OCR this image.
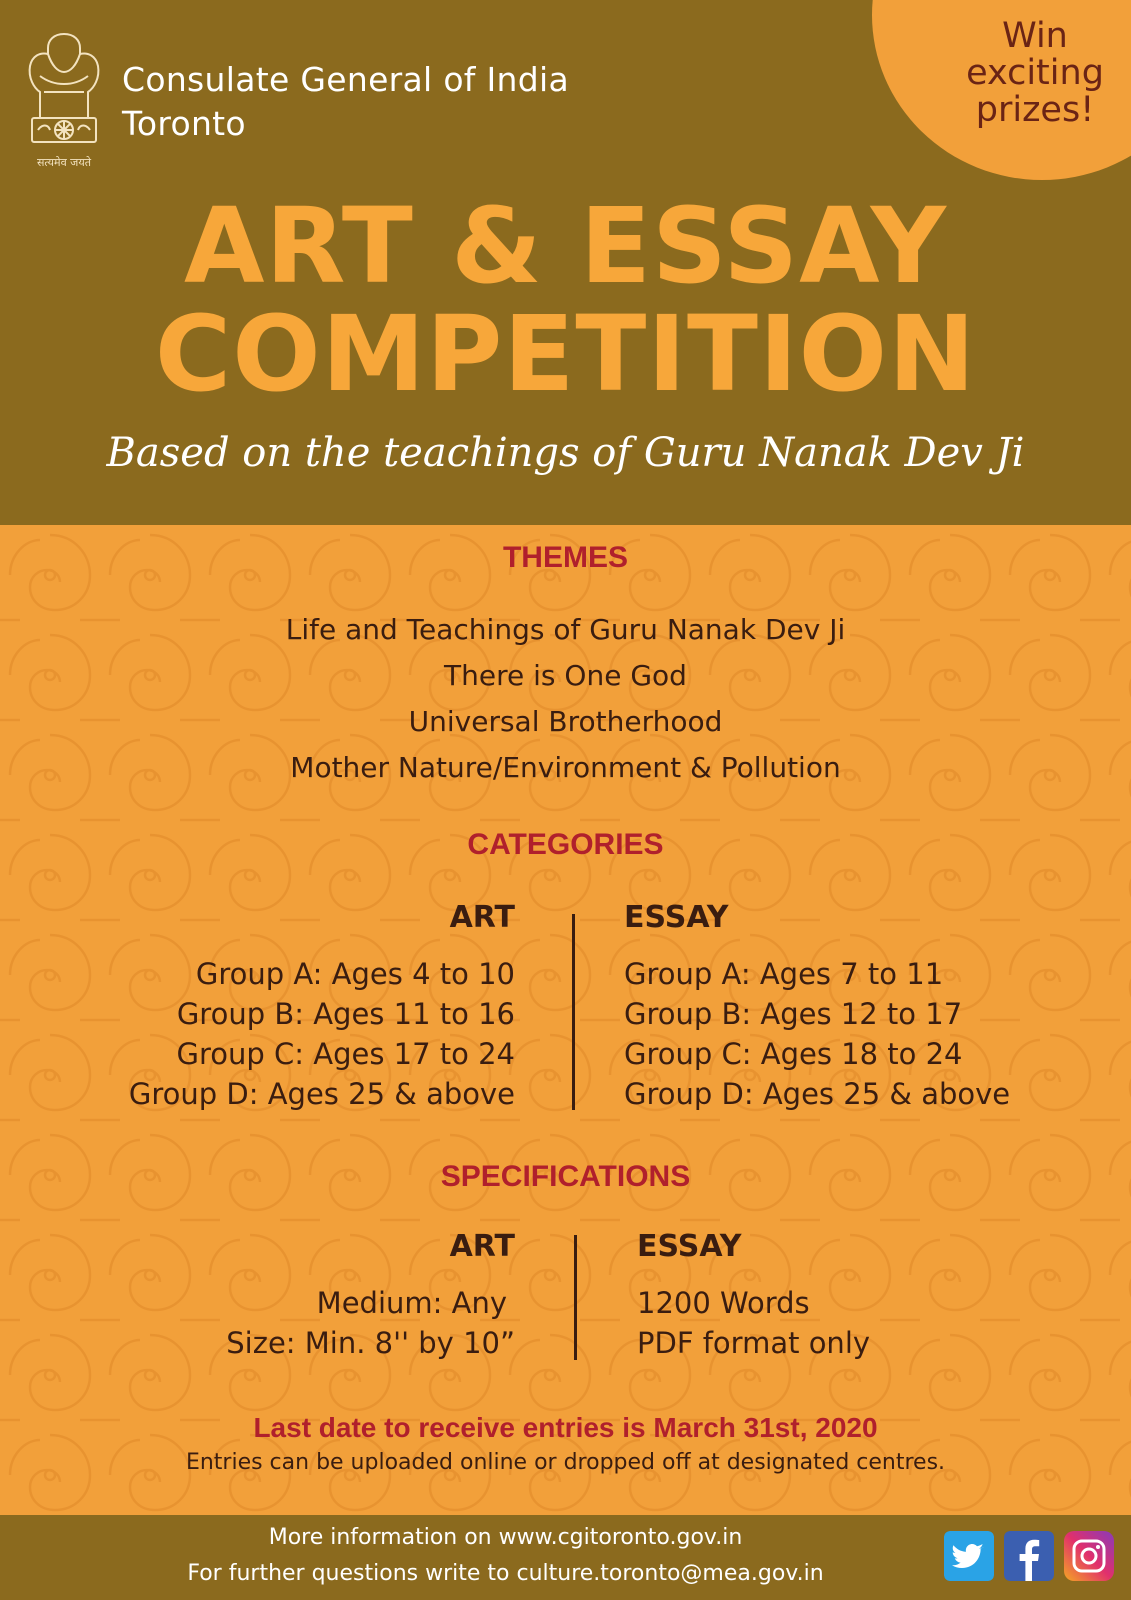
सत्यमेव जयते
Consulate General of India
Toronto
ART & ESSAY
COMPETITION
Based on the teachings of Guru Nanak Dev Ji
Win
exciting
prizes!
THEMES
Life and Teachings of Guru Nanak Dev Ji
There is One God
Universal Brotherhood
Mother Nature/Environment & Pollution
CATEGORIES
ART
Group A: Ages 4 to 10
Group B: Ages 11 to 16
Group C: Ages 17 to 24
Group D: Ages 25 & above
ESSAY
Group A: Ages 7 to 11
Group B: Ages 12 to 17
Group C: Ages 18 to 24
Group D: Ages 25 & above
SPECIFICATIONS
ART
Medium: Any
Size: Min. 8'' by 10”
ESSAY
1200 Words
PDF format only
Last date to receive entries is March 31st, 2020
Entries can be uploaded online or dropped off at designated centres.
More information on www.cgitoronto.gov.in
For further questions write to culture.toronto@mea.gov.in
